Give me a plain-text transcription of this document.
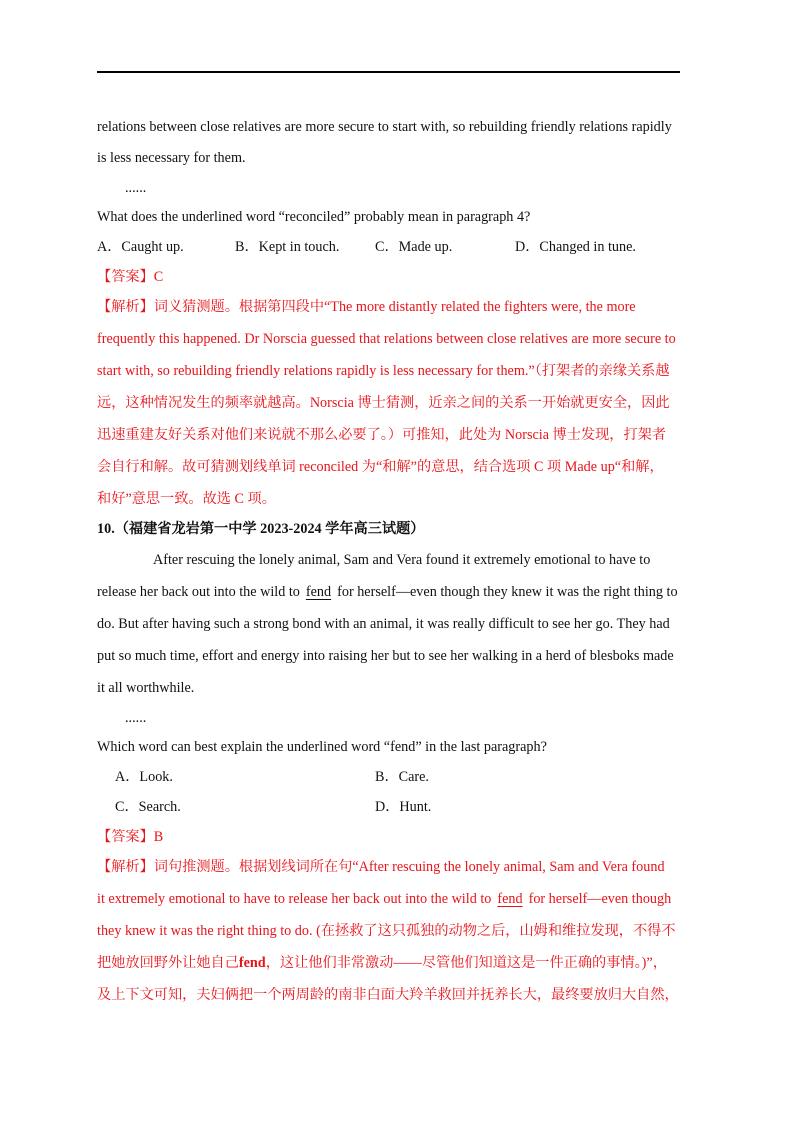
relations between close relatives are more secure to start with, so rebuilding friendly relations rapidly
is less necessary for them.
......
What does the underlined word “reconciled” probably mean in paragraph 4?
A．Caught up.	B．Kept in touch.	C．Made up.	D．Changed in tune.
【答案】C
【解析】词义猜测题。根据第四段中“The more distantly related the fighters were, the more
frequently this happened. Dr Norscia guessed that relations between close relatives are more secure to
start with, so rebuilding friendly relations rapidly is less necessary for them.”（打架者的亲缘关系越
远，这种情况发生的频率就越高。Norscia 博士猜测，近亲之间的关系一开始就更安全，因此
迅速重建友好关系对他们来说就不那么必要了。）可推知，此处为 Norscia 博士发现，打架者
会自行和解。故可猜测划线单词 reconciled 为“和解”的意思，结合选项 C 项 Made up“和解，
和好”意思一致。故选 C 项。
10.（福建省龙岩第一中学 2023-2024 学年高三试题）
After rescuing the lonely animal, Sam and Vera found it extremely emotional to have to
release her back out into the wild to fend for herself—even though they knew it was the right thing to
do. But after having such a strong bond with an animal, it was really difficult to see her go. They had
put so much time, effort and energy into raising her but to see her walking in a herd of blesboks made
it all worthwhile.
......
Which word can best explain the underlined word “fend” in the last paragraph?
A．Look.	B．Care.
C．Search.	D．Hunt.
【答案】B
【解析】词句推测题。根据划线词所在句“After rescuing the lonely animal, Sam and Vera found
it extremely emotional to have to release her back out into the wild to fend for herself—even though
they knew it was the right thing to do. (在拯救了这只孤独的动物之后，山姆和维拉发现，不得不
把她放回野外让她自己fend，这让他们非常激动——尽管他们知道这是一件正确的事情。)”，
及上下文可知，夫妇俩把一个两周龄的南非白面大羚羊救回并抚养长大，最终要放归大自然，
